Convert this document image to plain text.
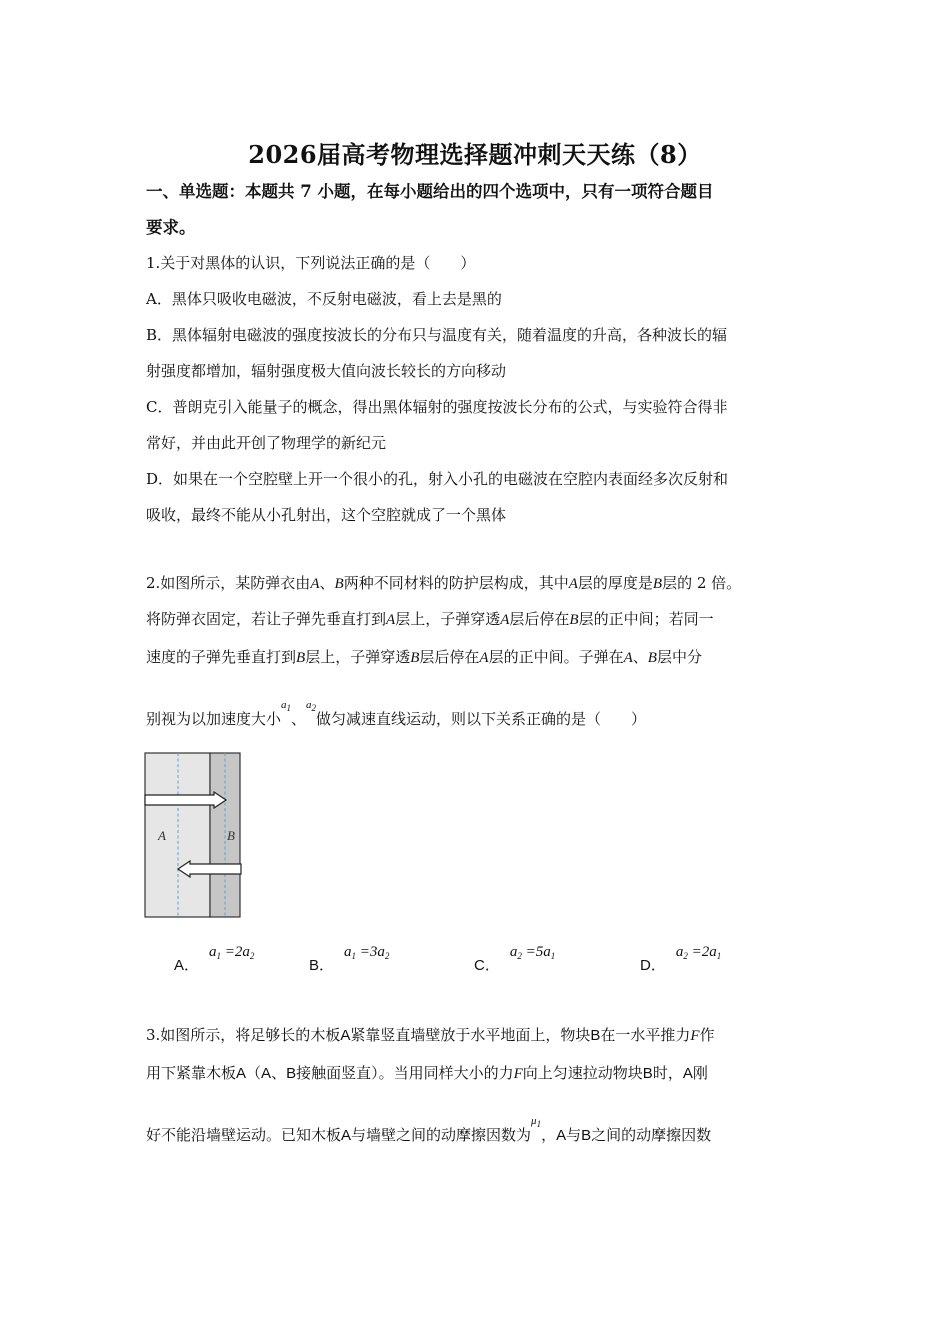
2026届高考物理选择题冲刺天天练（8）
一、单选题：本题共 7 小题，在每小题给出的四个选项中，只有一项符合题目
要求。
1.关于对黑体的认识，下列说法正确的是（　　）
A．黑体只吸收电磁波，不反射电磁波，看上去是黑的
B．黑体辐射电磁波的强度按波长的分布只与温度有关，随着温度的升高，各种波长的辐
射强度都增加，辐射强度极大值向波长较长的方向移动
C．普朗克引入能量子的概念，得出黑体辐射的强度按波长分布的公式，与实验符合得非
常好，并由此开创了物理学的新纪元
D．如果在一个空腔壁上开一个很小的孔，射入小孔的电磁波在空腔内表面经多次反射和
吸收，最终不能从小孔射出，这个空腔就成了一个黑体
2.如图所示，某防弹衣由A、B两种不同材料的防护层构成，其中A层的厚度是B层的 2 倍。
将防弹衣固定，若让子弹先垂直打到A层上，子弹穿透A层后停在B层的正中间；若同一
速度的子弹先垂直打到B层上，子弹穿透B层后停在A层的正中间。子弹在A、B层中分
别视为以加速度大小$^{a_1}$、$^{a_2}$做匀减速直线运动，则以下关系正确的是（　　）
A	B
A．$a_1 =2a_2$
B．$a_1 =3a_2$
C．$a_2 =5a_1$
D．$a_2 =2a_1$
3.如图所示，将足够长的木板A紧靠竖直墙壁放于水平地面上，物块B在一水平推力F作
用下紧靠木板A（A、B接触面竖直）。当用同样大小的力F向上匀速拉动物块B时，A刚
好不能沿墙壁运动。已知木板A与墙壁之间的动摩擦因数为$^{\mu_1}$，A与B之间的动摩擦因数
